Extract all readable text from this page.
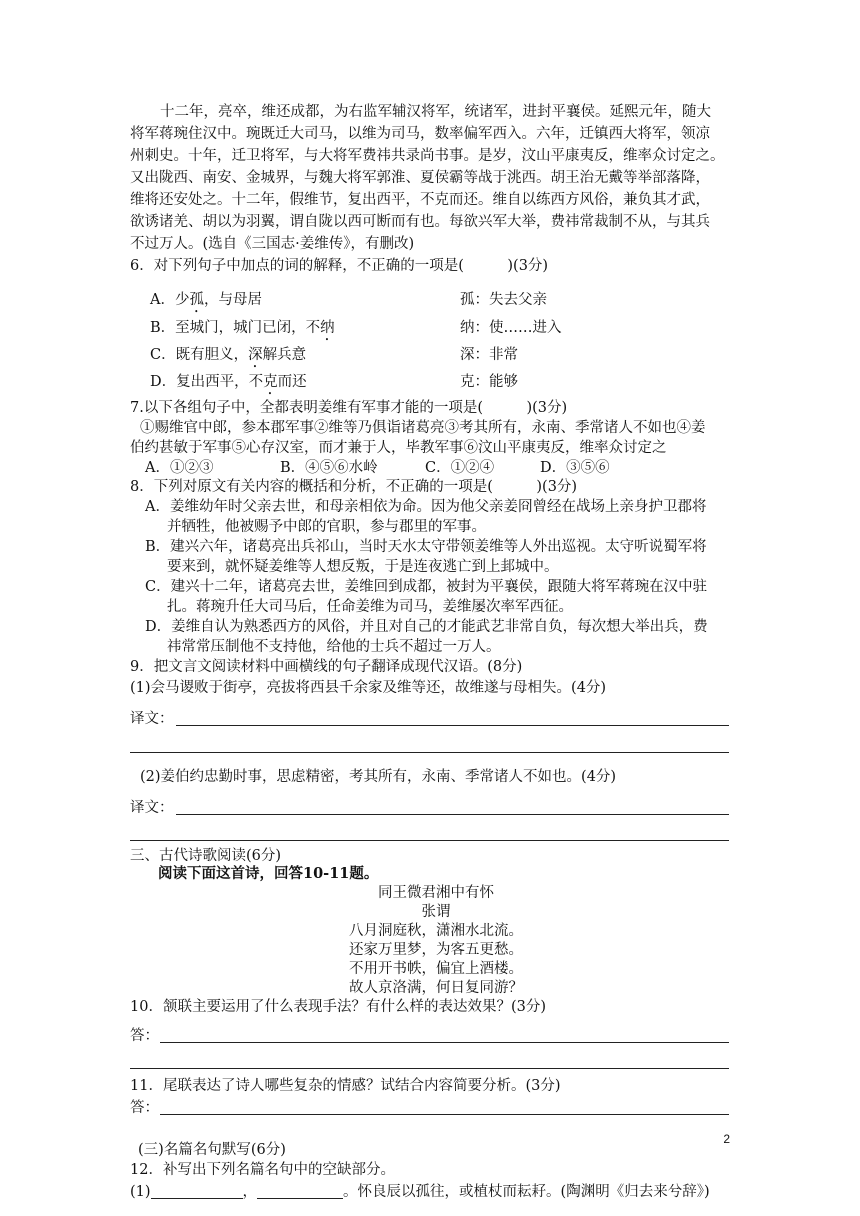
十二年，亮卒，维还成都，为右监军辅汉将军，统诸军，进封平襄侯。延熙元年，随大
将军蒋琬住汉中。琬既迁大司马，以维为司马，数率偏军西入。六年，迁镇西大将军，领凉
州刺史。十年，迁卫将军，与大将军费祎共录尚书事。是岁，汶山平康夷反，维率众讨定之。
又出陇西、南安、金城界，与魏大将军郭淮、夏侯霸等战于洮西。胡王治无戴等举部落降，
维将还安处之。十二年，假维节，复出西平，不克而还。维自以练西方风俗，兼负其才武，
欲诱诸羌、胡以为羽翼，谓自陇以西可断而有也。每欲兴军大举，费祎常裁制不从，与其兵
不过万人。(选自《三国志·姜维传》，有删改)
6．对下列句子中加点的词的解释，不正确的一项是(　　　)(3分)
A．少孤，与母居	孤：失去父亲
B．至城门，城门已闭，不纳	纳：使……进入
C．既有胆义，深解兵意	深：非常
D．复出西平，不克而还	克：能够
7.以下各组句子中，全都表明姜维有军事才能的一项是(　　　)(3分)
①赐维官中郎，参本郡军事②维等乃俱诣诸葛亮③考其所有，永南、季常诸人不如也④姜
伯约甚敏于军事⑤心存汉室，而才兼于人，毕教军事⑥汶山平康夷反，维率众讨定之
A．①②③	B．④⑤⑥水岭	C．①②④	D．③⑤⑥
8．下列对原文有关内容的概括和分析，不正确的一项是(　　　)(3分)
A．姜维幼年时父亲去世，和母亲相依为命。因为他父亲姜冏曾经在战场上亲身护卫郡将
并牺牲，他被赐予中郎的官职，参与郡里的军事。
B．建兴六年，诸葛亮出兵祁山，当时天水太守带领姜维等人外出巡视。太守听说蜀军将
要来到，就怀疑姜维等人想反叛，于是连夜逃亡到上邽城中。
C．建兴十二年，诸葛亮去世，姜维回到成都，被封为平襄侯，跟随大将军蒋琬在汉中驻
扎。蒋琬升任大司马后，任命姜维为司马，姜维屡次率军西征。
D．姜维自认为熟悉西方的风俗，并且对自己的才能武艺非常自负，每次想大举出兵，费
祎常常压制他不支持他，给他的士兵不超过一万人。
9．把文言文阅读材料中画横线的句子翻译成现代汉语。(8分)
(1)会马谡败于街亭，亮拔将西县千余家及维等还，故维遂与母相失。(4分)
译文：
(2)姜伯约忠勤时事，思虑精密，考其所有，永南、季常诸人不如也。(4分)
译文：
三、古代诗歌阅读(6分)
阅读下面这首诗，回答10-11题。
同王微君湘中有怀
张谓
八月洞庭秋，潇湘水北流。
还家万里梦，为客五更愁。
不用开书帙，偏宜上酒楼。
故人京洛满，何日复同游？
10．颔联主要运用了什么表现手法？有什么样的表达效果？(3分)
答：
11．尾联表达了诗人哪些复杂的情感？试结合内容简要分析。(3分)
答：
2
(三)名篇名句默写(6分)
12．补写出下列名篇名句中的空缺部分。
(1)	，	。怀良辰以孤往，或植杖而耘耔。(陶渊明《归去来兮辞》)
